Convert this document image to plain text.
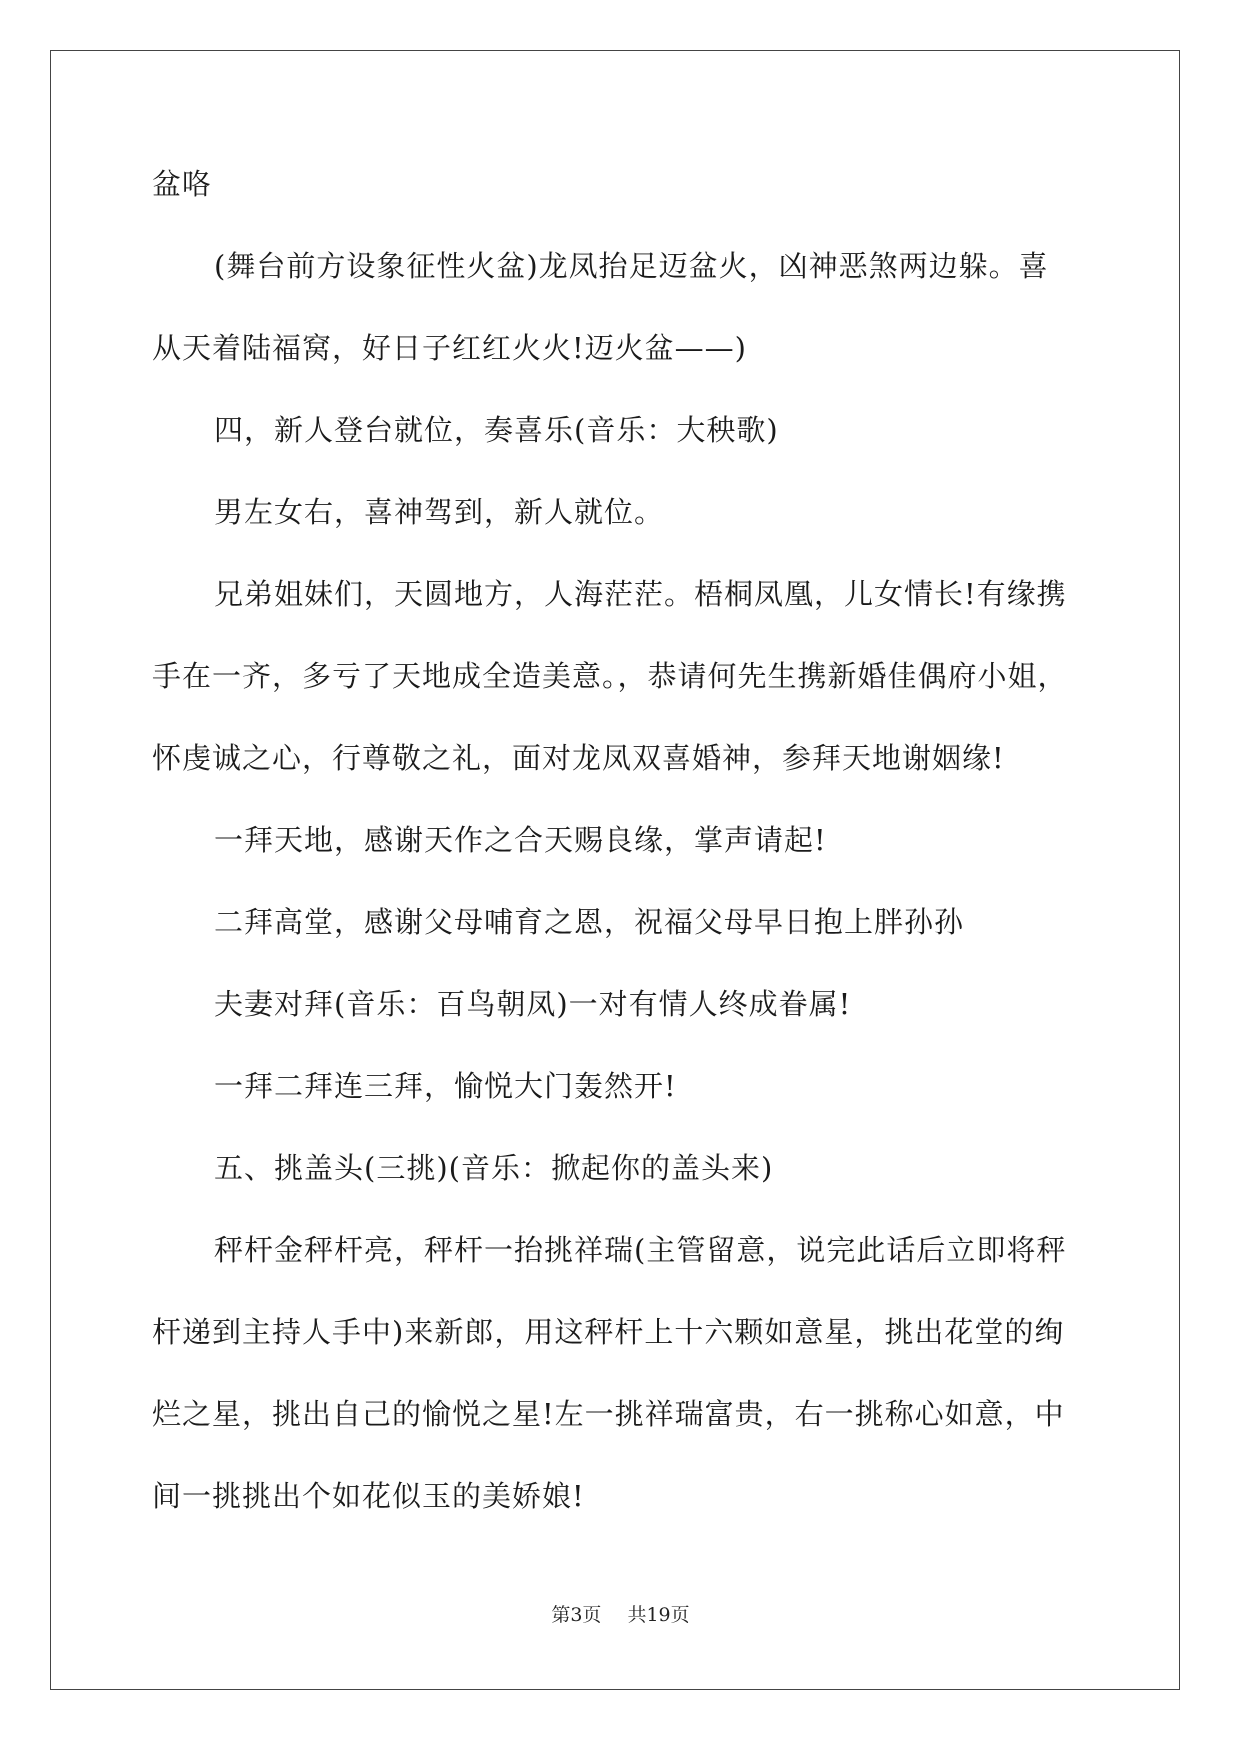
盆咯
(舞台前方设象征性火盆)龙凤抬足迈盆火，凶神恶煞两边躲。喜
从天着陆福窝，好日子红红火火!迈火盆——)
四，新人登台就位，奏喜乐(音乐：大秧歌)
男左女右，喜神驾到，新人就位。
兄弟姐妹们，天圆地方，人海茫茫。梧桐凤凰，儿女情长!有缘携
手在一齐，多亏了天地成全造美意。，恭请何先生携新婚佳偶府小姐，
怀虔诚之心，行尊敬之礼，面对龙凤双喜婚神，参拜天地谢姻缘!
一拜天地，感谢天作之合天赐良缘，掌声请起!
二拜高堂，感谢父母哺育之恩，祝福父母早日抱上胖孙孙
夫妻对拜(音乐：百鸟朝凤)一对有情人终成眷属!
一拜二拜连三拜，愉悦大门轰然开!
五、挑盖头(三挑)(音乐：掀起你的盖头来)
秤杆金秤杆亮，秤杆一抬挑祥瑞(主管留意，说完此话后立即将秤
杆递到主持人手中)来新郎，用这秤杆上十六颗如意星，挑出花堂的绚
烂之星，挑出自己的愉悦之星!左一挑祥瑞富贵，右一挑称心如意，中
间一挑挑出个如花似玉的美娇娘!
第3页 共19页
